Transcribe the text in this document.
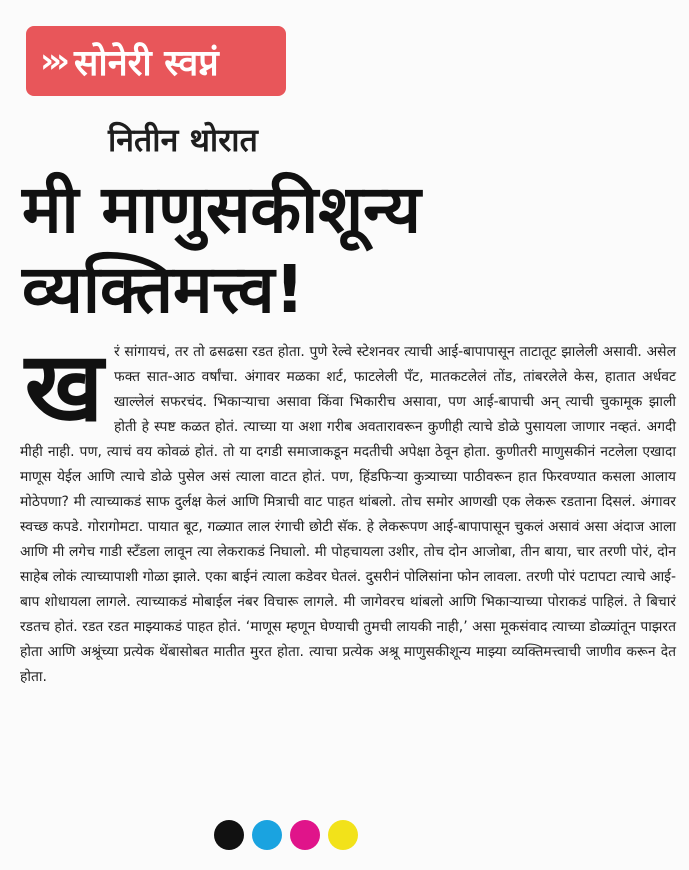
››› सोनेरी स्वप्नं
नितीन थोरात
मी माणुसकीशून्य
व्यक्तिमत्त्व!
ख रं सांगायचं, तर तो ढसढसा रडत होता. पुणे रेल्वे स्टेशनवर त्याची आई-बापापासून ताटातूट झालेली असावी. असेल फक्त सात-आठ वर्षांचा. अंगावर मळका शर्ट, फाटलेली पँट, मातकटलेलं तोंड, तांबरलेले केस, हातात अर्धवट खाल्लेलं सफरचंद. भिकाऱ्याचा असावा किंवा भिकारीच असावा, पण आई-बापाची अन् त्याची चुकामूक झाली होती हे स्पष्ट कळत होतं. त्याच्या या अशा गरीब अवतारावरून कुणीही त्याचे डोळे पुसायला जाणार नव्हतं. अगदी मीही नाही. पण, त्याचं वय कोवळं होतं. तो या दगडी समाजाकडून मदतीची अपेक्षा ठेवून होता. कुणीतरी माणुसकीनं नटलेला एखादा माणूस येईल आणि त्याचे डोळे पुसेल असं त्याला वाटत होतं. पण, हिंडफिऱ्या कुत्र्याच्या पाठीवरून हात फिरवण्यात कसला आलाय मोठेपणा? मी त्याच्याकडं साफ दुर्लक्ष केलं आणि मित्राची वाट पाहत थांबलो. तोच समोर आणखी एक लेकरू रडताना दिसलं. अंगावर स्वच्छ कपडे. गोरागोमटा. पायात बूट, गळ्यात लाल रंगाची छोटी सॅक. हे लेकरूपण आई-बापापासून चुकलं असावं असा अंदाज आला आणि मी लगेच गाडी स्टँडला लावून त्या लेकराकडं निघालो. मी पोहचायला उशीर, तोच दोन आजोबा, तीन बाया, चार तरणी पोरं, दोन साहेब लोकं त्याच्यापाशी गोळा झाले. एका बाईनं त्याला कडेवर घेतलं. दुसरीनं पोलिसांना फोन लावला. तरणी पोरं पटापटा त्याचे आई-बाप शोधायला लागले. त्याच्याकडं मोबाईल नंबर विचारू लागले. मी जागेवरच थांबलो आणि भिकाऱ्याच्या पोराकडं पाहिलं. ते बिचारं रडतच होतं. रडत रडत माझ्याकडं पाहत होतं. ‘माणूस म्हणून घेण्याची तुमची लायकी नाही,’ असा मूकसंवाद त्याच्या डोळ्यांतून पाझरत होता आणि अश्रूंच्या प्रत्येक थेंबासोबत मातीत मुरत होता. त्याचा प्रत्येक अश्रू माणुसकीशून्य माझ्या व्यक्तिमत्त्वाची जाणीव करून देत होता.
